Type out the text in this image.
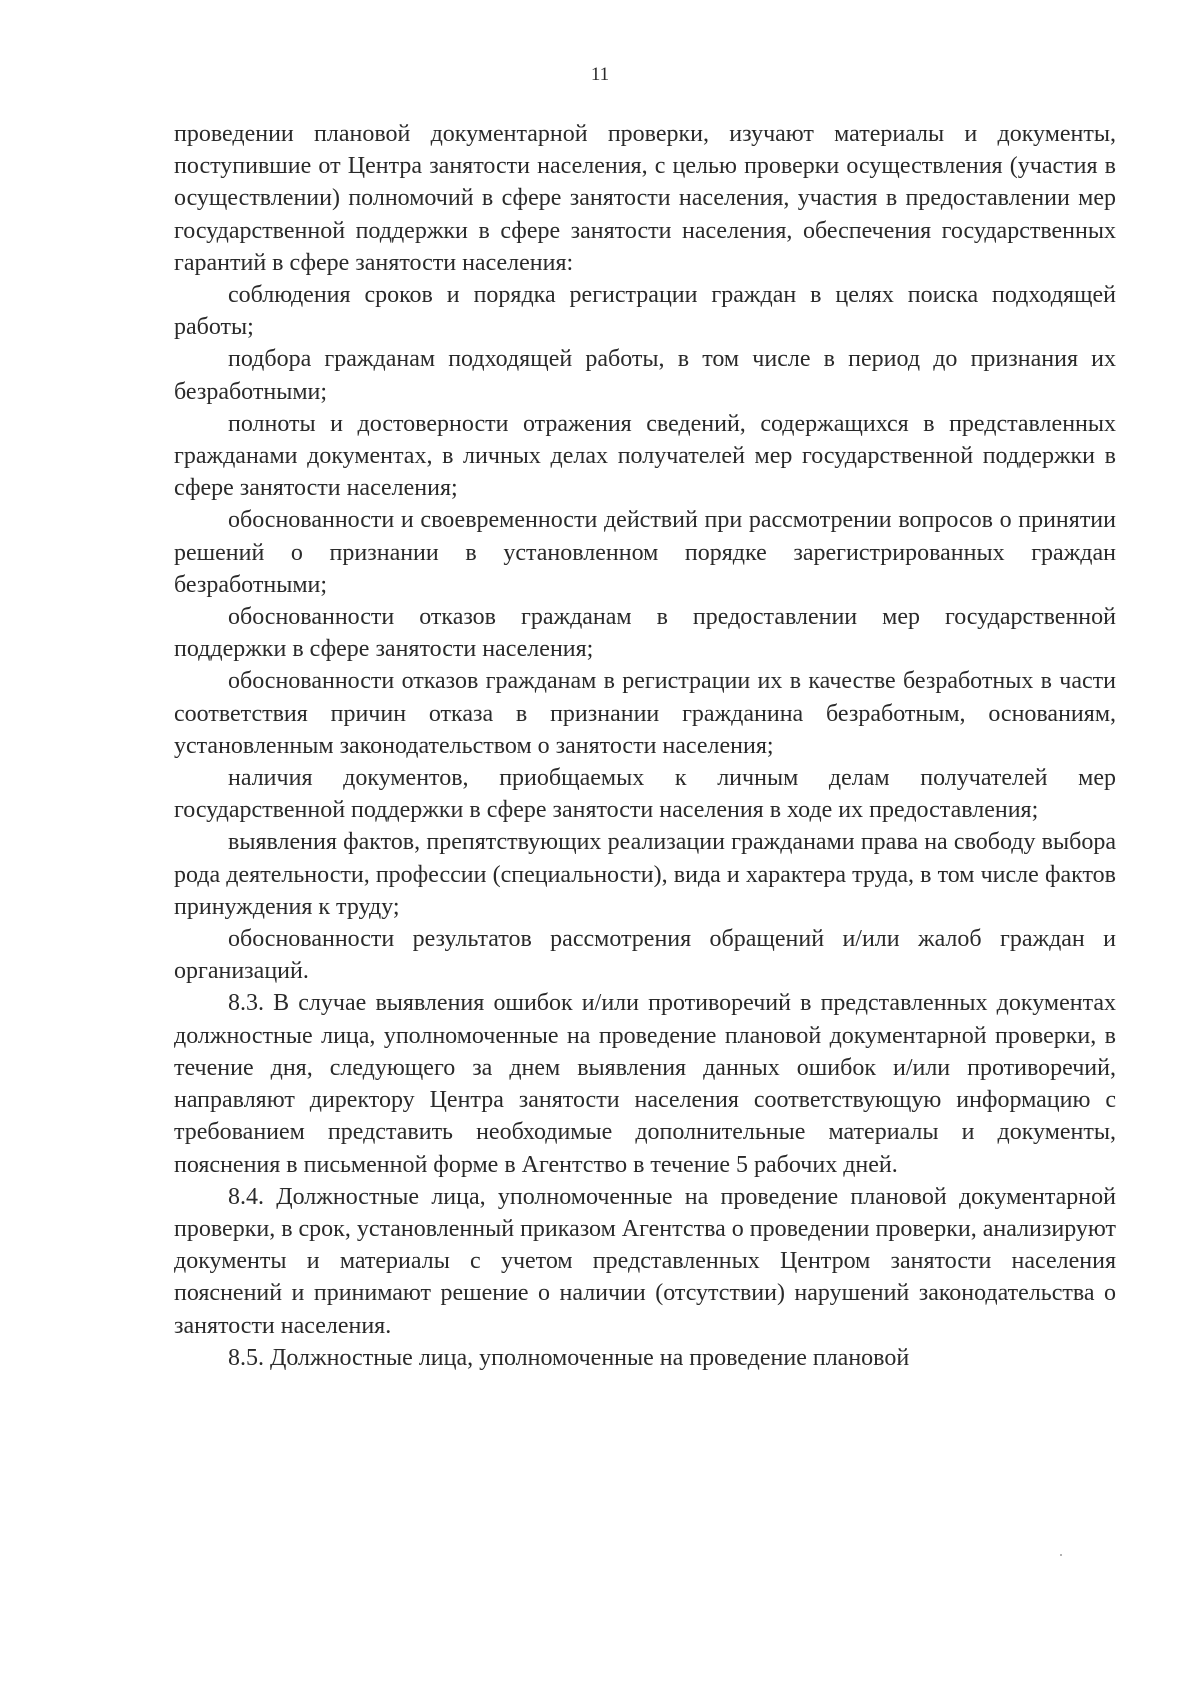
11

проведении плановой документарной проверки, изучают материалы и документы, поступившие от Центра занятости населения, с целью проверки осуществления (участия в осуществлении) полномочий в сфере занятости населения, участия в предоставлении мер государственной поддержки в сфере занятости населения, обеспечения государственных гарантий в сфере занятости населения:

соблюдения сроков и порядка регистрации граждан в целях поиска подходящей работы;

подбора гражданам подходящей работы, в том числе в период до признания их безработными;

полноты и достоверности отражения сведений, содержащихся в представленных гражданами документах, в личных делах получателей мер государственной поддержки в сфере занятости населения;

обоснованности и своевременности действий при рассмотрении вопросов о принятии решений о признании в установленном порядке зарегистрированных граждан безработными;

обоснованности отказов гражданам в предоставлении мер государственной поддержки в сфере занятости населения;

обоснованности отказов гражданам в регистрации их в качестве безработных в части соответствия причин отказа в признании гражданина безработным, основаниям, установленным законодательством о занятости населения;

наличия документов, приобщаемых к личным делам получателей мер государственной поддержки в сфере занятости населения в ходе их предоставления;

выявления фактов, препятствующих реализации гражданами права на свободу выбора рода деятельности, профессии (специальности), вида и характера труда, в том числе фактов принуждения к труду;

обоснованности результатов рассмотрения обращений и/или жалоб граждан и организаций.

8.3. В случае выявления ошибок и/или противоречий в представленных документах должностные лица, уполномоченные на проведение плановой документарной проверки, в течение дня, следующего за днем выявления данных ошибок и/или противоречий, направляют директору Центра занятости населения соответствующую информацию с требованием представить необходимые дополнительные материалы и документы, пояснения в письменной форме в Агентство в течение 5 рабочих дней.

8.4. Должностные лица, уполномоченные на проведение плановой документарной проверки, в срок, установленный приказом Агентства о проведении проверки, анализируют документы и материалы с учетом представленных Центром занятости населения пояснений и принимают решение о наличии (отсутствии) нарушений законодательства о занятости населения.

8.5. Должностные лица, уполномоченные на проведение плановой
